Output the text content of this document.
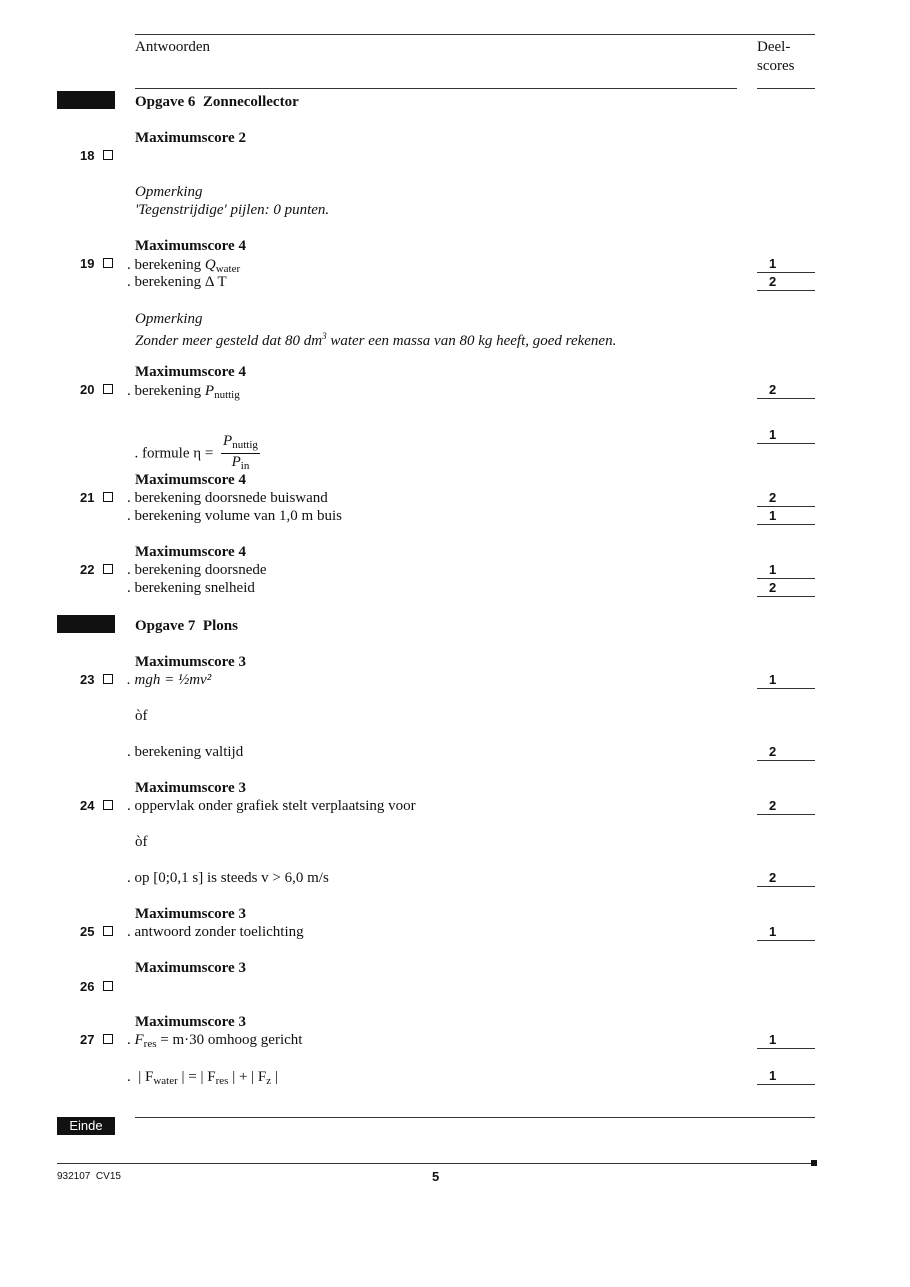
Antwoorden	Deel-
scores
Opgave 6  Zonnecollector
Maximumscore 2
18
Opmerking
'Tegenstrijdige' pijlen: 0 punten.
Maximumscore 4
19	. berekening $Q_{water}$	1
. berekening Δ T	2
Opmerking
Zonder meer gesteld dat 80 $dm^3$ water een massa van 80 kg heeft, goed rekenen.
Maximumscore 4
20	. berekening $P_{nuttig}$	2

. formule $\eta = \frac{P_{nuttig}}{P_{in}}$	1
Maximumscore 4
21	. berekening doorsnede buiswand	2
. berekening volume van 1,0 m buis	1
Maximumscore 4
22	. berekening doorsnede	1
. berekening snelheid	2
Opgave 7  Plons
Maximumscore 3
23	. mgh = ½mv²	1
òf
. berekening valtijd	2
Maximumscore 3
24	. oppervlak onder grafiek stelt verplaatsing voor	2
òf
. op [0;0,1 s] is steeds v > 6,0 m/s	2
Maximumscore 3
25	. antwoord zonder toelichting	1
Maximumscore 3
26
Maximumscore 3
27	. $F_{res} = m\cdot 30$ omhoog gericht	1
.  | $F_{water}$ | = | $F_{res}$ | + | $F_z$ |	1
Einde
932107  CV15	5
